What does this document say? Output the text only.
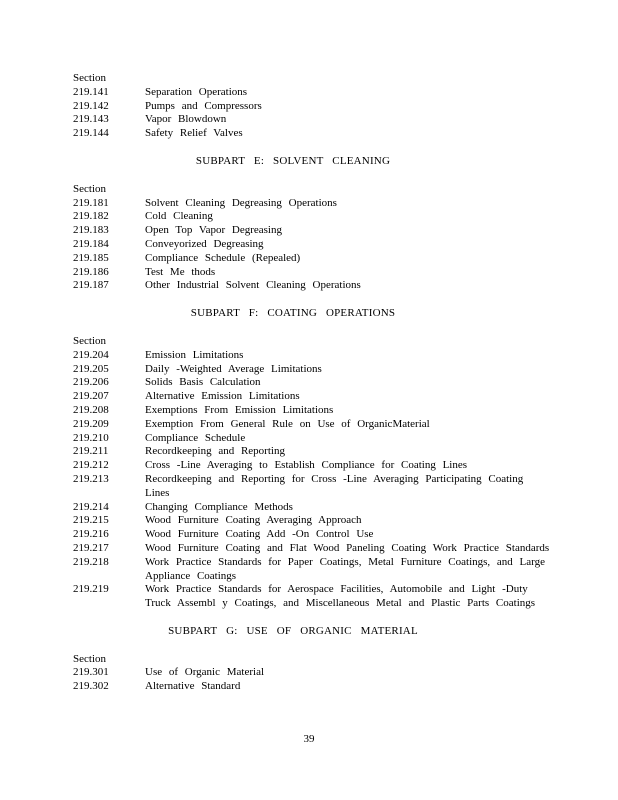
Section
219.141	Separation Operations
219.142	Pumps and Compressors
219.143	Vapor Blowdown
219.144	Safety Relief Valves
SUBPART E: SOLVENT CLEANING
Section
219.181	Solvent Cleaning Degreasing Operations
219.182	Cold Cleaning
219.183	Open Top Vapor Degreasing
219.184	Conveyorized Degreasing
219.185	Compliance Schedule (Repealed)
219.186	Test Me thods
219.187	Other Industrial Solvent Cleaning Operations
SUBPART F: COATING OPERATIONS
Section
219.204	Emission Limitations
219.205	Daily -Weighted Average Limitations
219.206	Solids Basis Calculation
219.207	Alternative Emission Limitations
219.208	Exemptions From Emission Limitations
219.209	Exemption From General Rule on Use of OrganicMaterial
219.210	Compliance Schedule
219.211	Recordkeeping and Reporting
219.212	Cross -Line Averaging to Establish Compliance for Coating Lines
219.213	Recordkeeping and Reporting for Cross -Line Averaging Participating Coating Lines
219.214	Changing Compliance Methods
219.215	Wood Furniture Coating Averaging Approach
219.216	Wood Furniture Coating Add -On Control Use
219.217	Wood Furniture Coating and Flat Wood Paneling Coating Work Practice Standards
219.218	Work Practice Standards for Paper Coatings, Metal Furniture Coatings, and Large Appliance Coatings
219.219	Work Practice Standards for Aerospace Facilities, Automobile and Light -Duty Truck Assembl y Coatings, and Miscellaneous Metal and Plastic Parts Coatings
SUBPART G: USE OF ORGANIC MATERIAL
Section
219.301	Use of Organic Material
219.302	Alternative Standard
39
